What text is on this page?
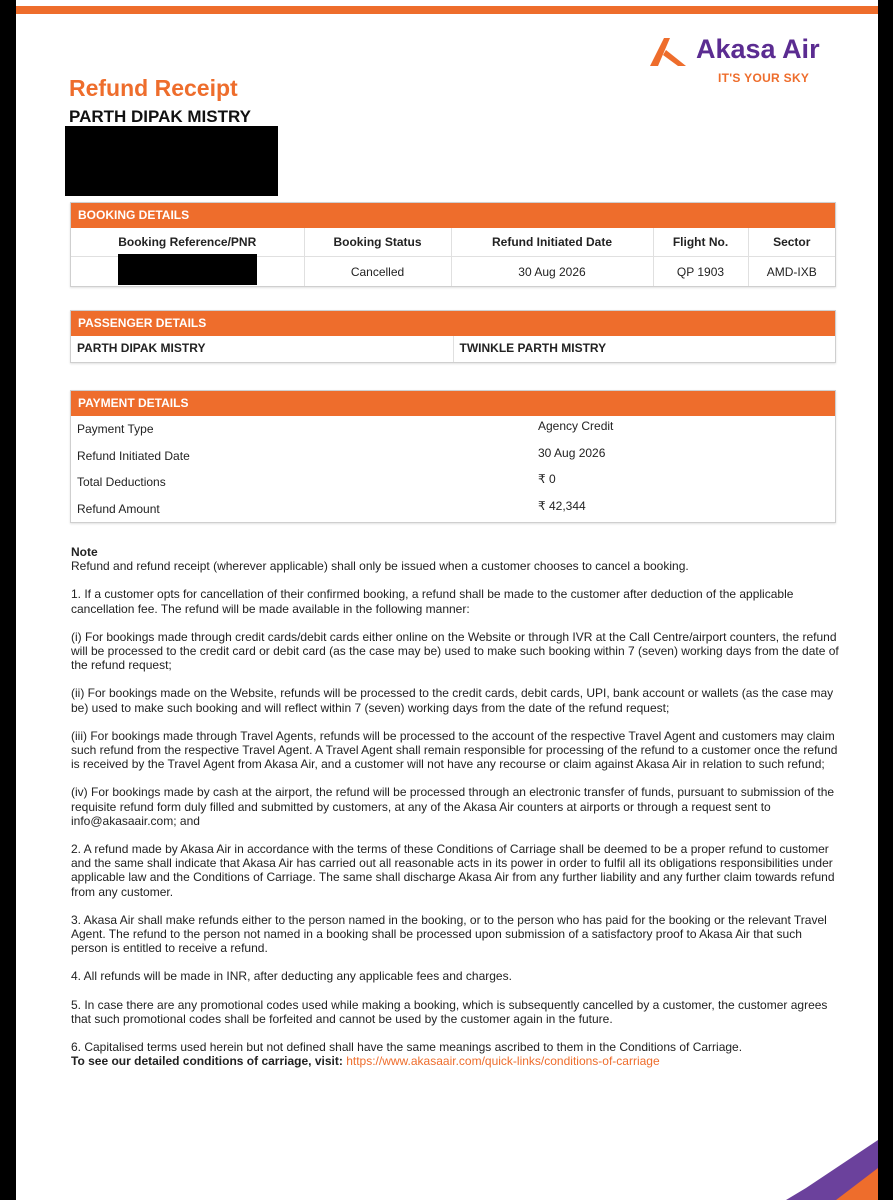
Akasa Air
IT'S YOUR SKY
Refund Receipt
PARTH DIPAK MISTRY
BOOKING DETAILS
Booking Reference/PNR	Booking Status	Refund Initiated Date	Flight No.	Sector
	Cancelled	30 Aug 2026	QP 1903	AMD-IXB
PASSENGER DETAILS
PARTH DIPAK MISTRY	TWINKLE PARTH MISTRY
PAYMENT DETAILS
Payment Type	Agency Credit
Refund Initiated Date	30 Aug 2026
Total Deductions	₹ 0
Refund Amount	₹ 42,344

Note

Refund and refund receipt (wherever applicable) shall only be issued when a customer chooses to cancel a booking.

1. If a customer opts for cancellation of their confirmed booking, a refund shall be made to the customer after deduction of the applicable cancellation fee. The refund will be made available in the following manner:

(i) For bookings made through credit cards/debit cards either online on the Website or through IVR at the Call Centre/airport counters, the refund will be processed to the credit card or debit card (as the case may be) used to make such booking within 7 (seven) working days from the date of the refund request;

(ii) For bookings made on the Website, refunds will be processed to the credit cards, debit cards, UPI, bank account or wallets (as the case may be) used to make such booking and will reflect within 7 (seven) working days from the date of the refund request;

(iii) For bookings made through Travel Agents, refunds will be processed to the account of the respective Travel Agent and customers may claim such refund from the respective Travel Agent. A Travel Agent shall remain responsible for processing of the refund to a customer once the refund is received by the Travel Agent from Akasa Air, and a customer will not have any recourse or claim against Akasa Air in relation to such refund;

(iv) For bookings made by cash at the airport, the refund will be processed through an electronic transfer of funds, pursuant to submission of the requisite refund form duly filled and submitted by customers, at any of the Akasa Air counters at airports or through a request sent to info@akasaair.com; and

2. A refund made by Akasa Air in accordance with the terms of these Conditions of Carriage shall be deemed to be a proper refund to customer and the same shall indicate that Akasa Air has carried out all reasonable acts in its power in order to fulfil all its obligations responsibilities under applicable law and the Conditions of Carriage. The same shall discharge Akasa Air from any further liability and any further claim towards refund from any customer.

3. Akasa Air shall make refunds either to the person named in the booking, or to the person who has paid for the booking or the relevant Travel Agent. The refund to the person not named in a booking shall be processed upon submission of a satisfactory proof to Akasa Air that such person is entitled to receive a refund.

4. All refunds will be made in INR, after deducting any applicable fees and charges.

5. In case there are any promotional codes used while making a booking, which is subsequently cancelled by a customer, the customer agrees that such promotional codes shall be forfeited and cannot be used by the customer again in the future.

6. Capitalised terms used herein but not defined shall have the same meanings ascribed to them in the Conditions of Carriage.

To see our detailed conditions of carriage, visit: https://www.akasaair.com/quick-links/conditions-of-carriage
